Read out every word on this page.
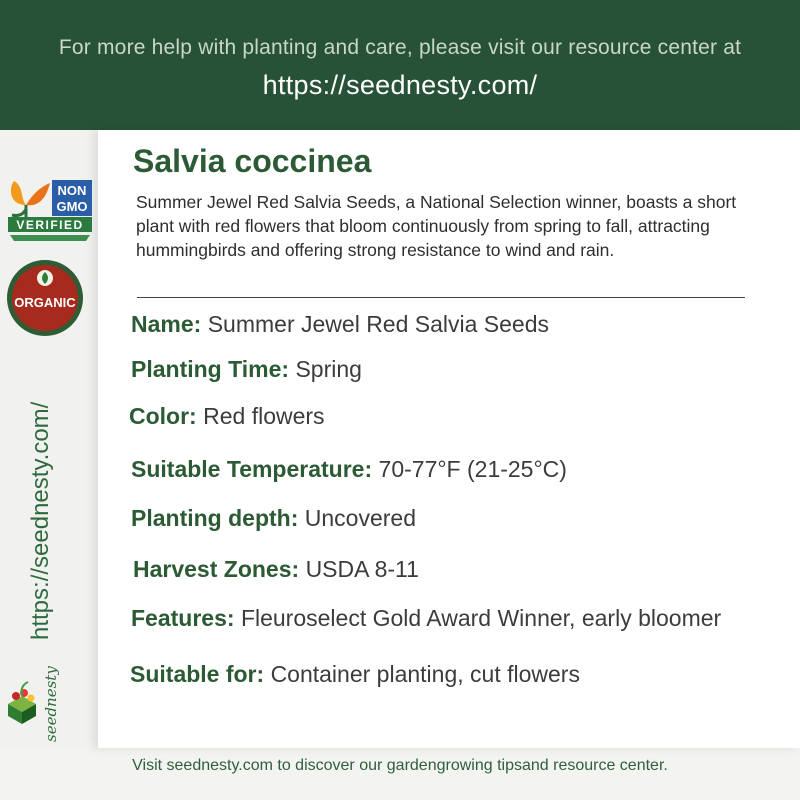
For more help with planting and care, please visit our resource center at
https://seednesty.com/
NON
GMO
VERIFIED
ORGANIC
https://seednesty.com/
seednesty
Salvia coccinea
Summer Jewel Red Salvia Seeds, a National Selection winner, boasts a short plant with red flowers that bloom continuously from spring to fall, attracting hummingbirds and offering strong resistance to wind and rain.
Name: Summer Jewel Red Salvia Seeds
Planting Time: Spring
Color: Red flowers
Suitable Temperature: 70-77°F (21-25°C)
Planting depth: Uncovered
Harvest Zones: USDA 8-11
Features: Fleuroselect Gold Award Winner, early bloomer
Suitable for: Container planting, cut flowers
Visit seednesty.com to discover our gardengrowing tipsand resource center.
